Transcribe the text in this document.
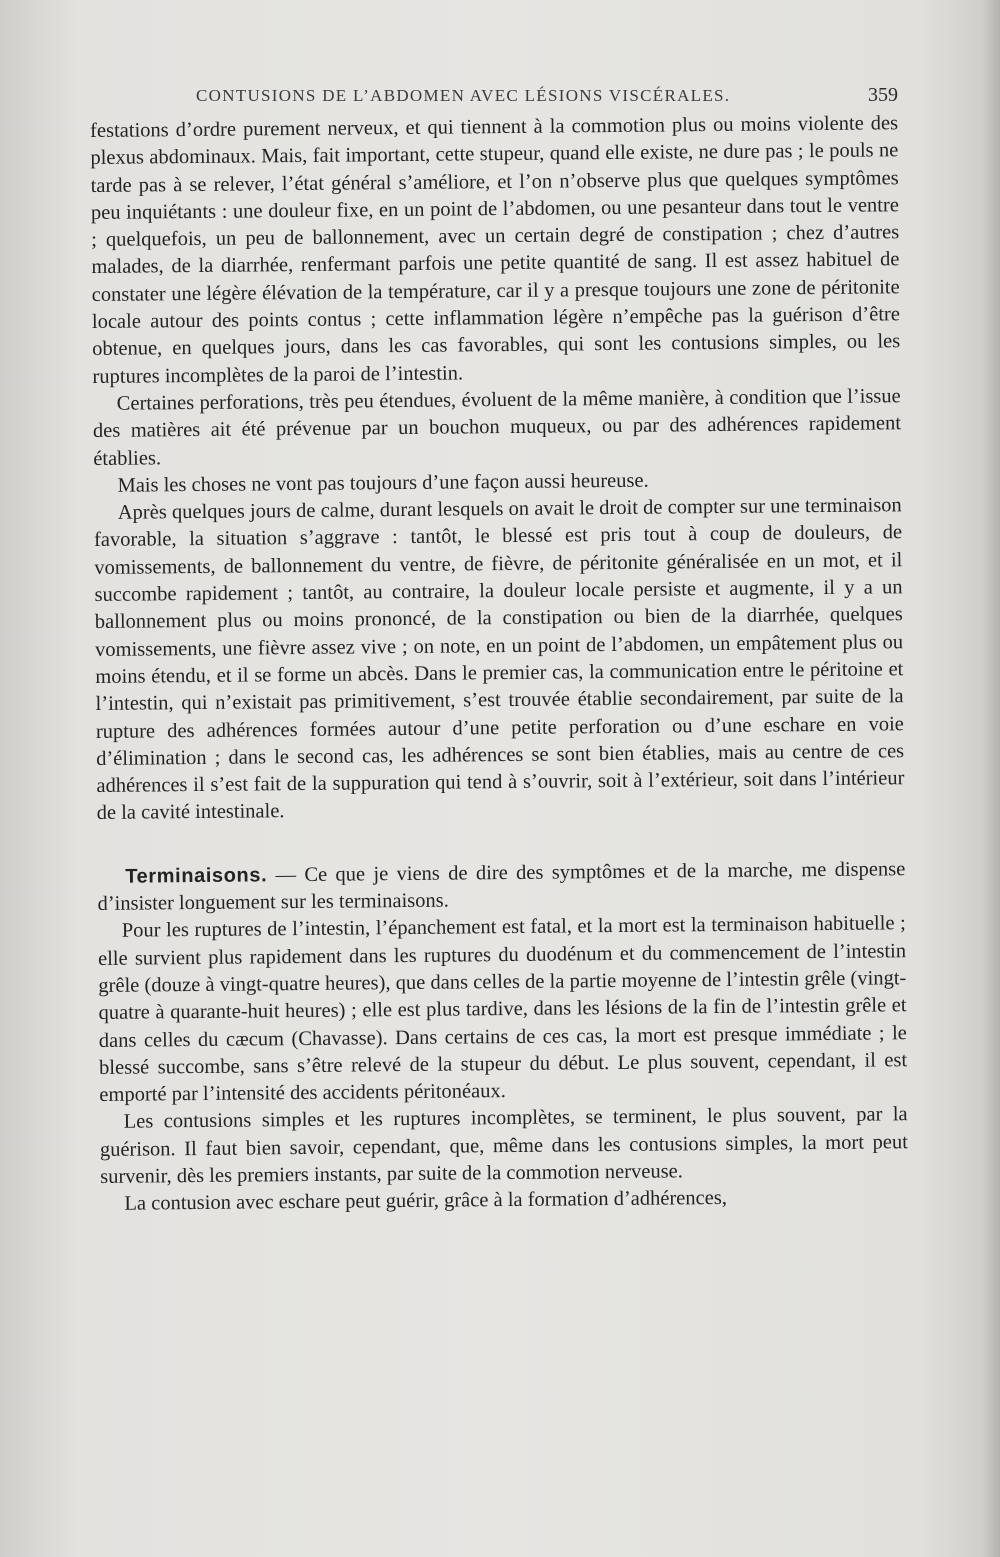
CONTUSIONS DE L’ABDOMEN AVEC LÉSIONS VISCÉRALES.	359

festations d’ordre purement nerveux, et qui tiennent à la commotion plus ou moins violente des plexus abdominaux. Mais, fait important, cette stupeur, quand elle existe, ne dure pas ; le pouls ne tarde pas à se relever, l’état général s’améliore, et l’on n’observe plus que quelques symptômes peu inquiétants : une douleur fixe, en un point de l’abdomen, ou une pesanteur dans tout le ventre ; quelquefois, un peu de ballonnement, avec un certain degré de constipation ; chez d’autres malades, de la diarrhée, renfermant parfois une petite quantité de sang. Il est assez habituel de constater une légère élévation de la température, car il y a presque toujours une zone de péritonite locale autour des points contus ; cette inflammation légère n’empêche pas la guérison d’être obtenue, en quelques jours, dans les cas favorables, qui sont les contusions simples, ou les ruptures incomplètes de la paroi de l’intestin.

Certaines perforations, très peu étendues, évoluent de la même manière, à condition que l’issue des matières ait été prévenue par un bouchon muqueux, ou par des adhérences rapidement établies.

Mais les choses ne vont pas toujours d’une façon aussi heureuse.

Après quelques jours de calme, durant lesquels on avait le droit de compter sur une terminaison favorable, la situation s’aggrave : tantôt, le blessé est pris tout à coup de douleurs, de vomissements, de ballonnement du ventre, de fièvre, de péritonite généralisée en un mot, et il succombe rapidement ; tantôt, au contraire, la douleur locale persiste et augmente, il y a un ballonnement plus ou moins prononcé, de la constipation ou bien de la diarrhée, quelques vomissements, une fièvre assez vive ; on note, en un point de l’abdomen, un empâtement plus ou moins étendu, et il se forme un abcès. Dans le premier cas, la communication entre le péritoine et l’intestin, qui n’existait pas primitivement, s’est trouvée établie secondairement, par suite de la rupture des adhérences formées autour d’une petite perforation ou d’une eschare en voie d’élimination ; dans le second cas, les adhérences se sont bien établies, mais au centre de ces adhérences il s’est fait de la suppuration qui tend à s’ouvrir, soit à l’extérieur, soit dans l’intérieur de la cavité intestinale.

Terminaisons. — Ce que je viens de dire des symptômes et de la marche, me dispense d’insister longuement sur les terminaisons.

Pour les ruptures de l’intestin, l’épanchement est fatal, et la mort est la terminaison habituelle ; elle survient plus rapidement dans les ruptures du duodénum et du commencement de l’intestin grêle (douze à vingt-quatre heures), que dans celles de la partie moyenne de l’intestin grêle (vingt-quatre à quarante-huit heures) ; elle est plus tardive, dans les lésions de la fin de l’intestin grêle et dans celles du cæcum (Chavasse). Dans certains de ces cas, la mort est presque immédiate ; le blessé succombe, sans s’être relevé de la stupeur du début. Le plus souvent, cependant, il est emporté par l’intensité des accidents péritonéaux.

Les contusions simples et les ruptures incomplètes, se terminent, le plus souvent, par la guérison. Il faut bien savoir, cependant, que, même dans les contusions simples, la mort peut survenir, dès les premiers instants, par suite de la commotion nerveuse.

La contusion avec eschare peut guérir, grâce à la formation d’adhérences,
